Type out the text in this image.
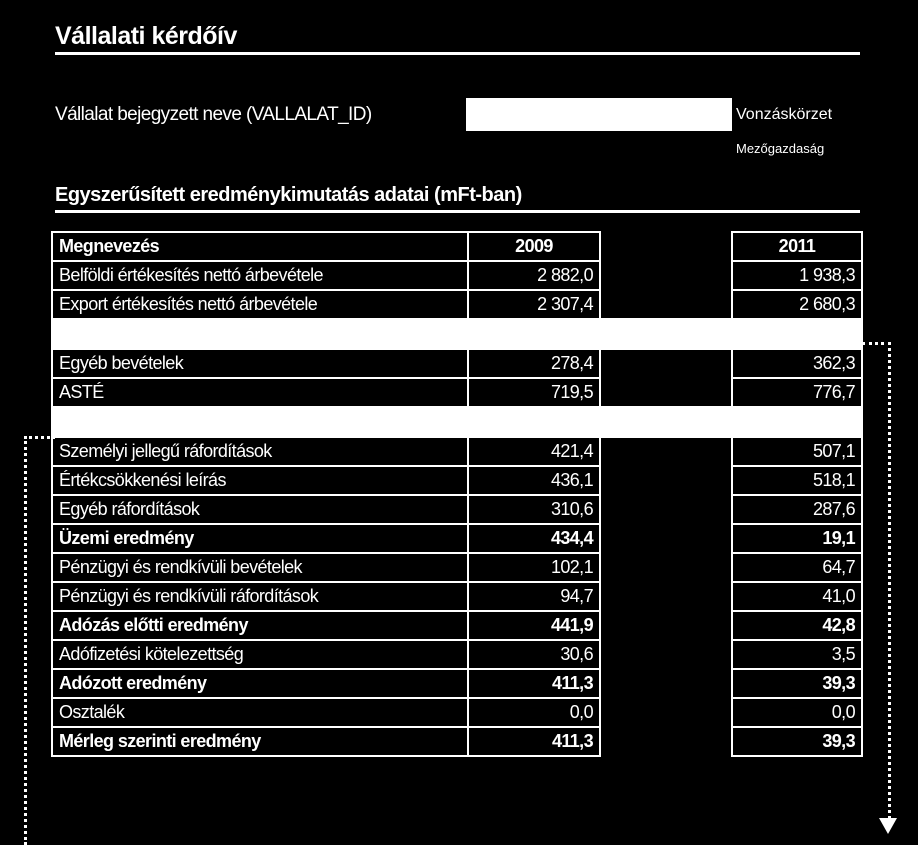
Vállalati kérdőív
Vállalat bejegyzett neve (VALLALAT_ID)	Vonzáskörzet
Mezőgazdaság
Egyszerűsített eredménykimutatás adatai (mFt-ban)
Megnevezés	2009		2011
Belföldi értékesítés nettó árbevétele	2 882,0		1 938,3
Export értékesítés nettó árbevétele	2 307,4		2 680,3

Egyéb bevételek	278,4		362,3
ASTÉ	719,5		776,7

Személyi jellegű ráfordítások	421,4		507,1
Értékcsökkenési leírás	436,1		518,1
Egyéb ráfordítások	310,6		287,6
Üzemi eredmény	434,4		19,1
Pénzügyi és rendkívüli bevételek	102,1		64,7
Pénzügyi és rendkívüli ráfordítások	94,7		41,0
Adózás előtti eredmény	441,9		42,8
Adófizetési kötelezettség	30,6		3,5
Adózott eredmény	411,3		39,3
Osztalék	0,0		0,0
Mérleg szerinti eredmény	411,3		39,3
